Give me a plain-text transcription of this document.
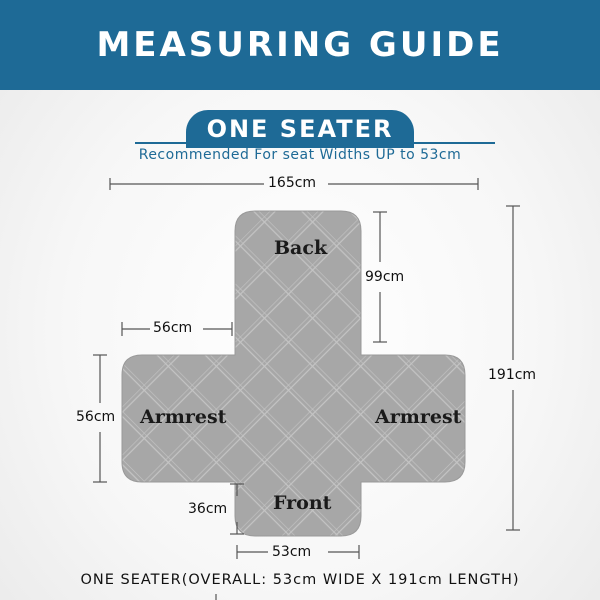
MEASURING GUIDE
ONE SEATER
Recommended For seat Widths UP to 53cm
165cm
99cm
191cm
56cm
56cm
36cm
53cm
Back
Armrest	Armrest
Front
ONE SEATER(OVERALL: 53cm WIDE X 191cm LENGTH)
